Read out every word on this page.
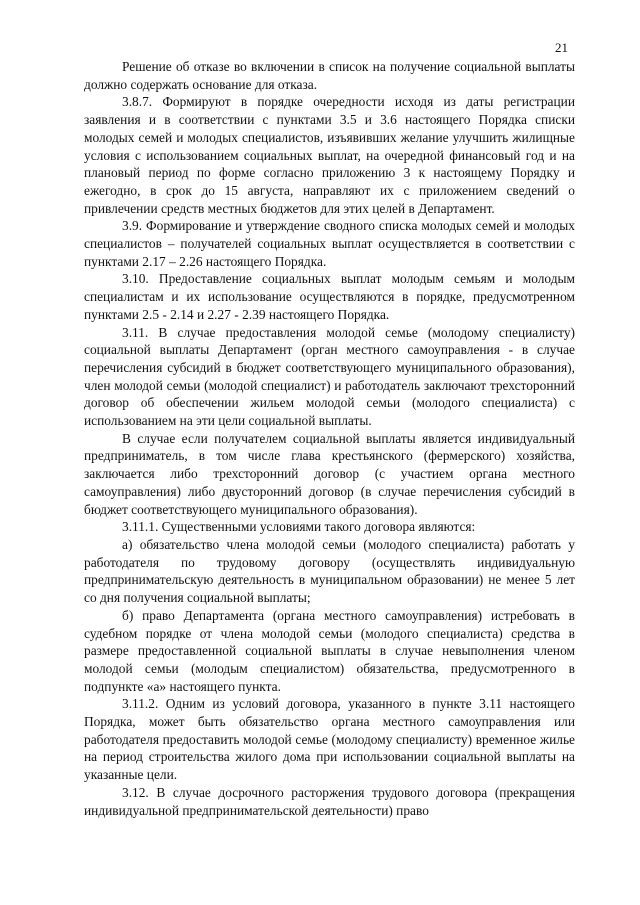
21

Решение об отказе во включении в список на получение социальной выплаты должно содержать основание для отказа.

3.8.7. Формируют в порядке очередности исходя из даты регистрации заявления и в соответствии с пунктами 3.5 и 3.6 настоящего Порядка списки молодых семей и молодых специалистов, изъявивших желание улучшить жилищные условия с использованием социальных выплат, на очередной финансовый год и на плановый период по форме согласно приложению 3 к настоящему Порядку и ежегодно, в срок до 15 августа, направляют их с приложением сведений о привлечении средств местных бюджетов для этих целей в Департамент.

3.9. Формирование и утверждение сводного списка молодых семей и молодых специалистов – получателей социальных выплат осуществляется в соответствии с пунктами 2.17 – 2.26 настоящего Порядка.

3.10. Предоставление социальных выплат молодым семьям и молодым специалистам и их использование осуществляются в порядке, предусмотренном пунктами 2.5 - 2.14 и 2.27 - 2.39 настоящего Порядка.

3.11. В случае предоставления молодой семье (молодому специалисту) социальной выплаты Департамент (орган местного самоуправления - в случае перечисления субсидий в бюджет соответствующего муниципального образования), член молодой семьи (молодой специалист) и работодатель заключают трехсторонний договор об обеспечении жильем молодой семьи (молодого специалиста) с использованием на эти цели социальной выплаты.

В случае если получателем социальной выплаты является индивидуальный предприниматель, в том числе глава крестьянского (фермерского) хозяйства, заключается либо трехсторонний договор (с участием органа местного самоуправления) либо двусторонний договор (в случае перечисления субсидий в бюджет соответствующего муниципального образования).

3.11.1. Существенными условиями такого договора являются:

а) обязательство члена молодой семьи (молодого специалиста) работать у работодателя по трудовому договору (осуществлять индивидуальную предпринимательскую деятельность в муниципальном образовании) не менее 5 лет со дня получения социальной выплаты;

б) право Департамента (органа местного самоуправления) истребовать в судебном порядке от члена молодой семьи (молодого специалиста) средства в размере предоставленной социальной выплаты в случае невыполнения членом молодой семьи (молодым специалистом) обязательства, предусмотренного в подпункте «а» настоящего пункта.

3.11.2. Одним из условий договора, указанного в пункте 3.11 настоящего Порядка, может быть обязательство органа местного самоуправления или работодателя предоставить молодой семье (молодому специалисту) временное жилье на период строительства жилого дома при использовании социальной выплаты на указанные цели.

3.12. В случае досрочного расторжения трудового договора (прекращения индивидуальной предпринимательской деятельности) право
